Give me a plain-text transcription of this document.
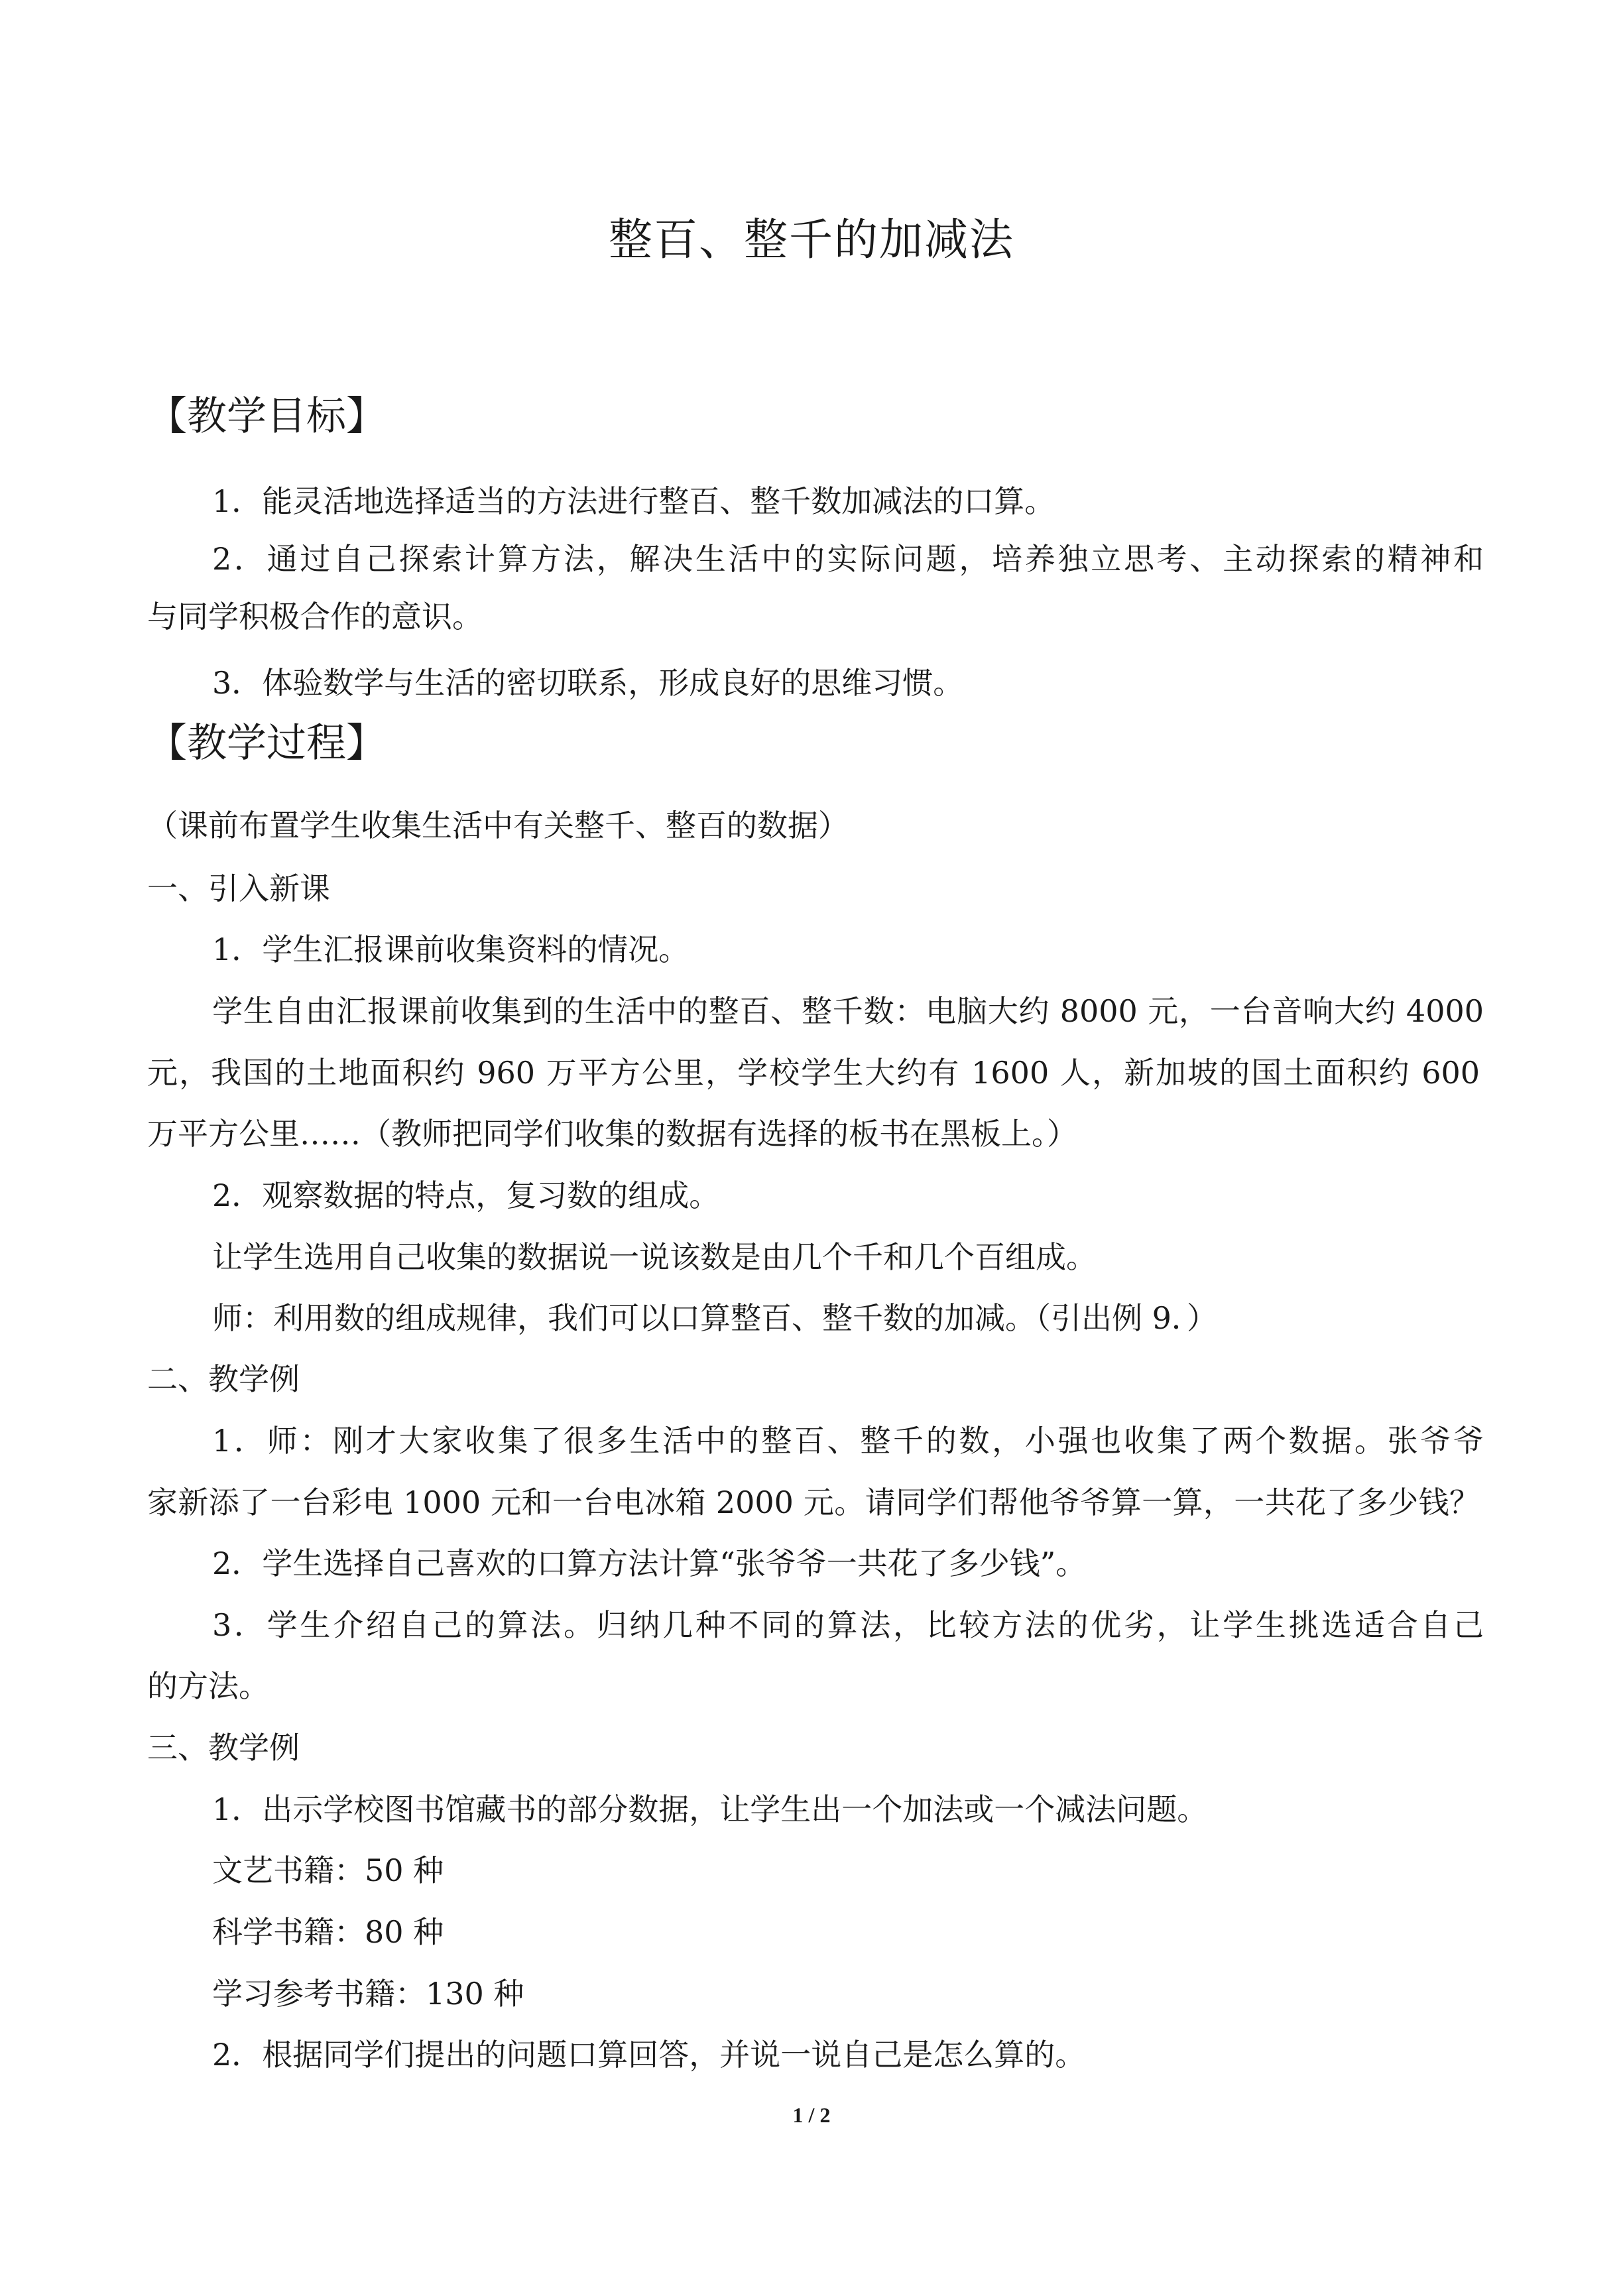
整百、整千的加减法
【教学目标】
1．能灵活地选择适当的方法进行整百、整千数加减法的口算。
2．通过自己探索计算方法，解决生活中的实际问题，培养独立思考、主动探索的精神和
与同学积极合作的意识。
3．体验数学与生活的密切联系，形成良好的思维习惯。
【教学过程】
（课前布置学生收集生活中有关整千、整百的数据）
一、引入新课
1．学生汇报课前收集资料的情况。
学生自由汇报课前收集到的生活中的整百、整千数：电脑大约 8000 元，一台音响大约 4000
元，我国的土地面积约 960 万平方公里，学校学生大约有 1600 人，新加坡的国土面积约 600
万平方公里……（教师把同学们收集的数据有选择的板书在黑板上。）
2．观察数据的特点，复习数的组成。
让学生选用自己收集的数据说一说该数是由几个千和几个百组成。
师：利用数的组成规律，我们可以口算整百、整千数的加减。（引出例 9．）
二、教学例
1．师：刚才大家收集了很多生活中的整百、整千的数，小强也收集了两个数据。张爷爷
家新添了一台彩电 1000 元和一台电冰箱 2000 元。请同学们帮他爷爷算一算，一共花了多少钱？
2．学生选择自己喜欢的口算方法计算“张爷爷一共花了多少钱”。
3．学生介绍自己的算法。归纳几种不同的算法，比较方法的优劣，让学生挑选适合自己
的方法。
三、教学例
1．出示学校图书馆藏书的部分数据，让学生出一个加法或一个减法问题。
文艺书籍：50 种
科学书籍：80 种
学习参考书籍：130 种
2．根据同学们提出的问题口算回答，并说一说自己是怎么算的。
1 / 2
